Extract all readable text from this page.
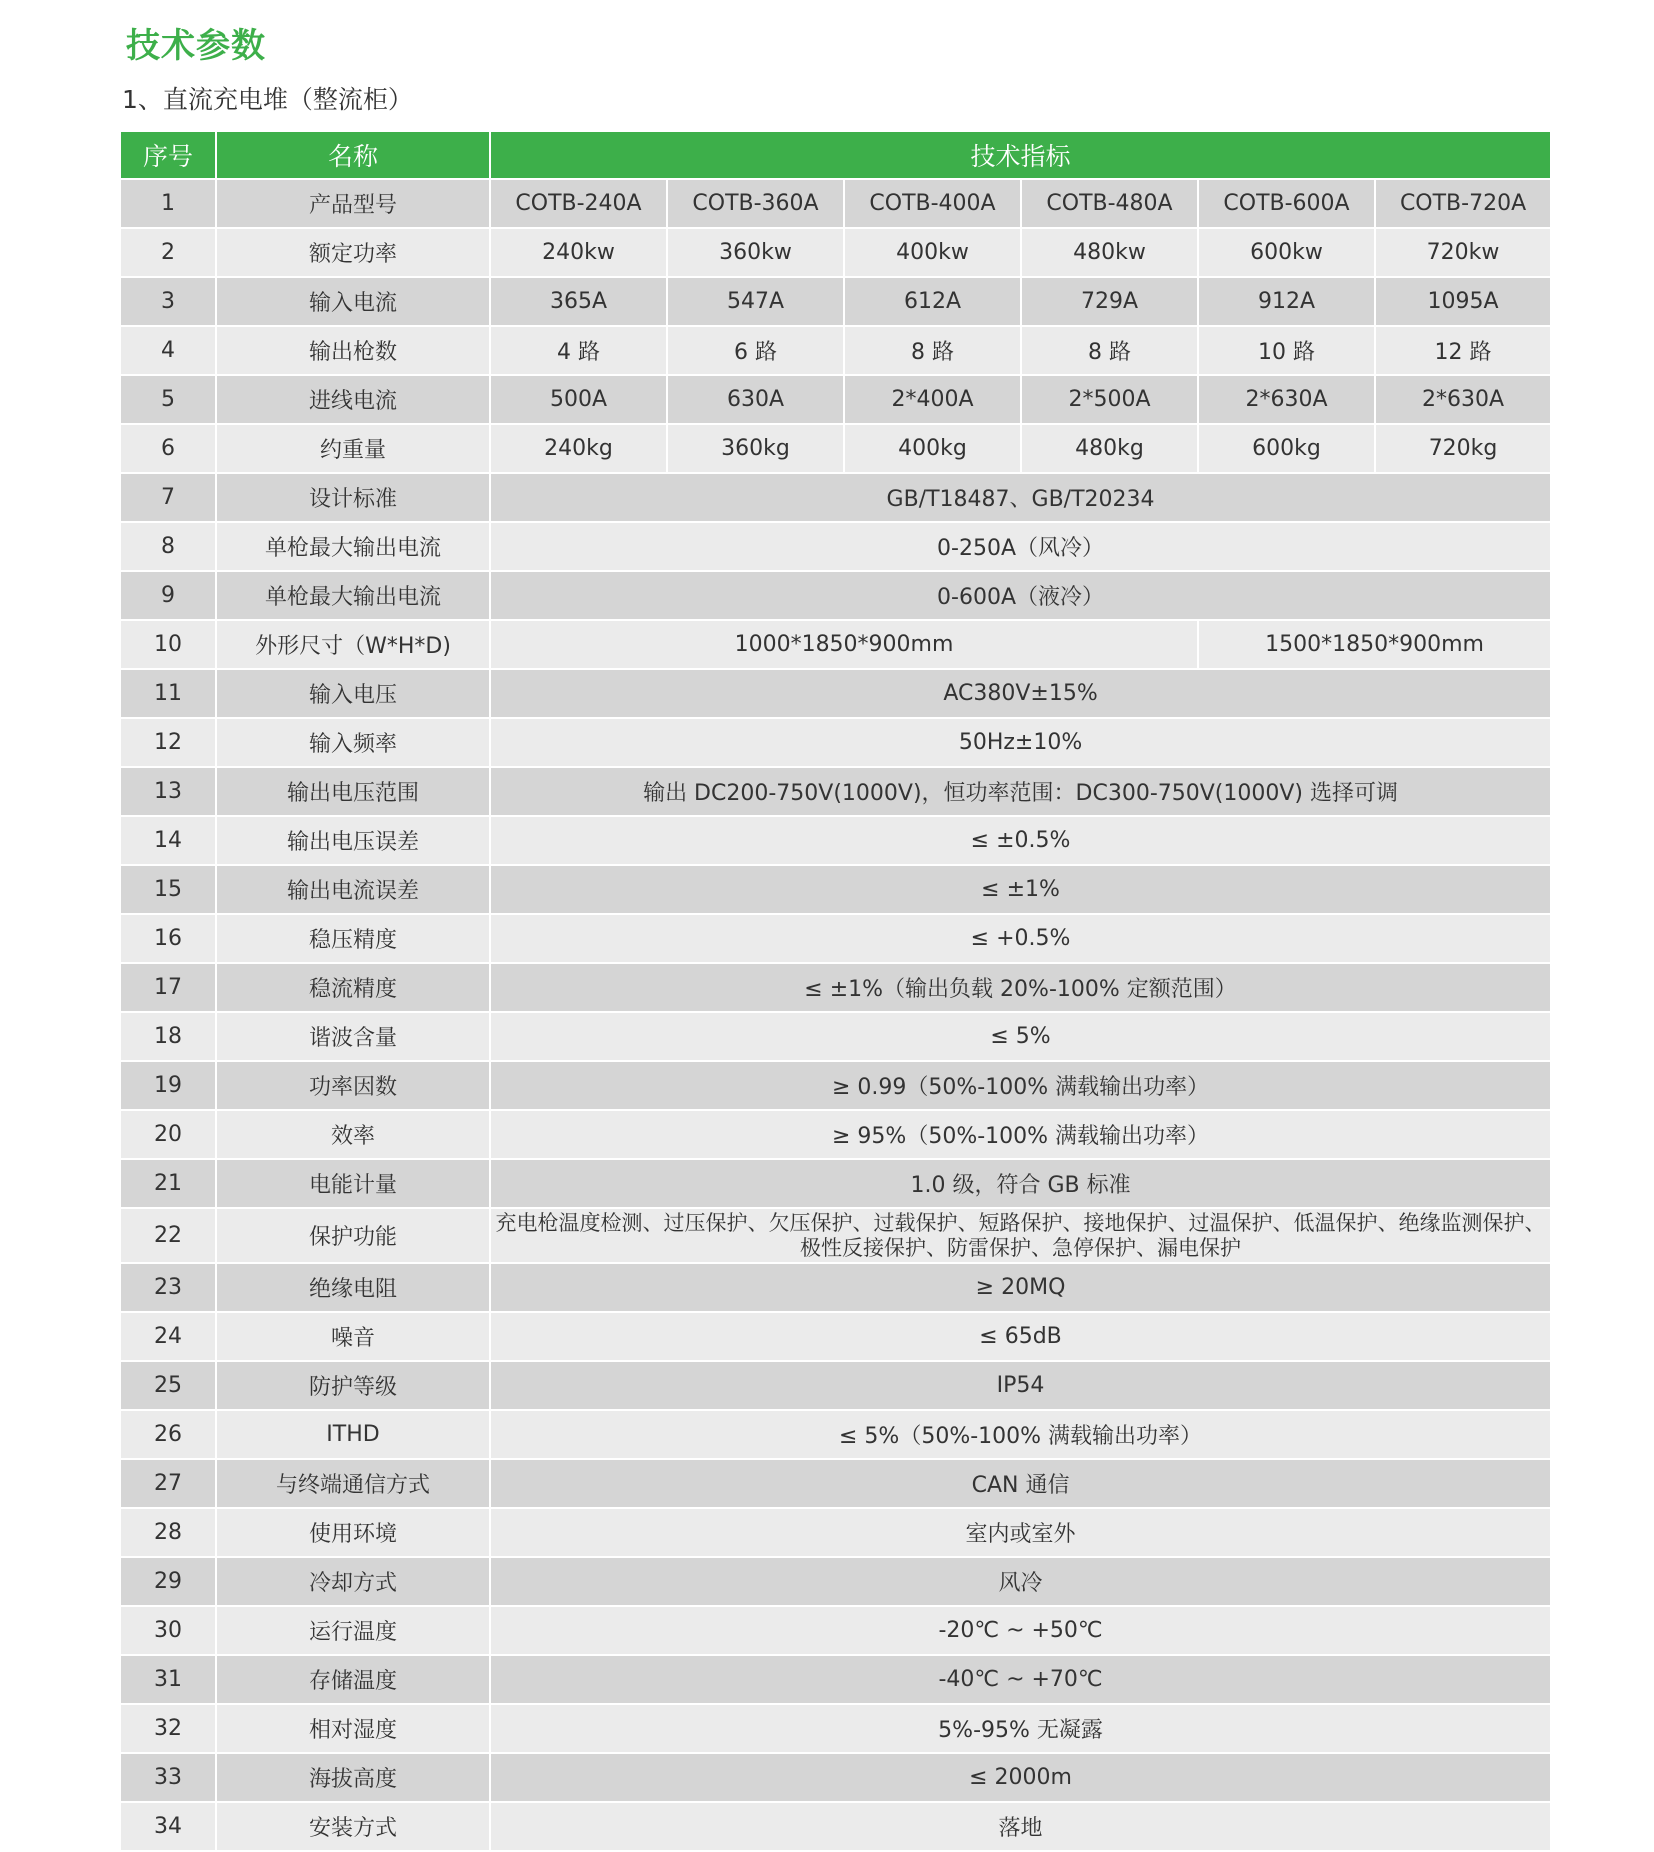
技术参数
1、直流充电堆（整流柜）
序号	名称	技术指标					
1	产品型号	COTB-240A	COTB-360A	COTB-400A	COTB-480A	COTB-600A	COTB-720A
2	额定功率	240kw	360kw	400kw	480kw	600kw	720kw
3	输入电流	365A	547A	612A	729A	912A	1095A
4	输出枪数	4 路	6 路	8 路	8 路	10 路	12 路
5	进线电流	500A	630A	2*400A	2*500A	2*630A	2*630A
6	约重量	240kg	360kg	400kg	480kg	600kg	720kg
7	设计标准	GB/T18487、GB/T20234					
8	单枪最大输出电流	0-250A（风冷）					
9	单枪最大输出电流	0-600A（液冷）					
10	外形尺寸（W*H*D)	1000*1850*900mm				1500*1850*900mm	
11	输入电压	AC380V±15%					
12	输入频率	50Hz±10%					
13	输出电压范围	输出 DC200-750V(1000V)，恒功率范围：DC300-750V(1000V) 选择可调					
14	输出电压误差	≤ ±0.5%					
15	输出电流误差	≤ ±1%					
16	稳压精度	≤ +0.5%					
17	稳流精度	≤ ±1%（输出负载 20%-100% 定额范围）					
18	谐波含量	≤ 5%					
19	功率因数	≥ 0.99（50%-100% 满载输出功率）					
20	效率	≥ 95%（50%-100% 满载输出功率）					
21	电能计量	1.0 级，符合 GB 标准					
22	保护功能	充电枪温度检测、过压保护、欠压保护、过载保护、短路保护、接地保护、过温保护、低温保护、绝缘监测保护、极性反接保护、防雷保护、急停保护、漏电保护					
23	绝缘电阻	≥ 20MQ					
24	噪音	≤ 65dB					
25	防护等级	IP54					
26	ITHD	≤ 5%（50%-100% 满载输出功率）					
27	与终端通信方式	CAN 通信					
28	使用环境	室内或室外					
29	冷却方式	风冷					
30	运行温度	-20℃ ~ +50℃					
31	存储温度	-40℃ ~ +70℃					
32	相对湿度	5%-95% 无凝露					
33	海拔高度	≤ 2000m					
34	安装方式	落地					
